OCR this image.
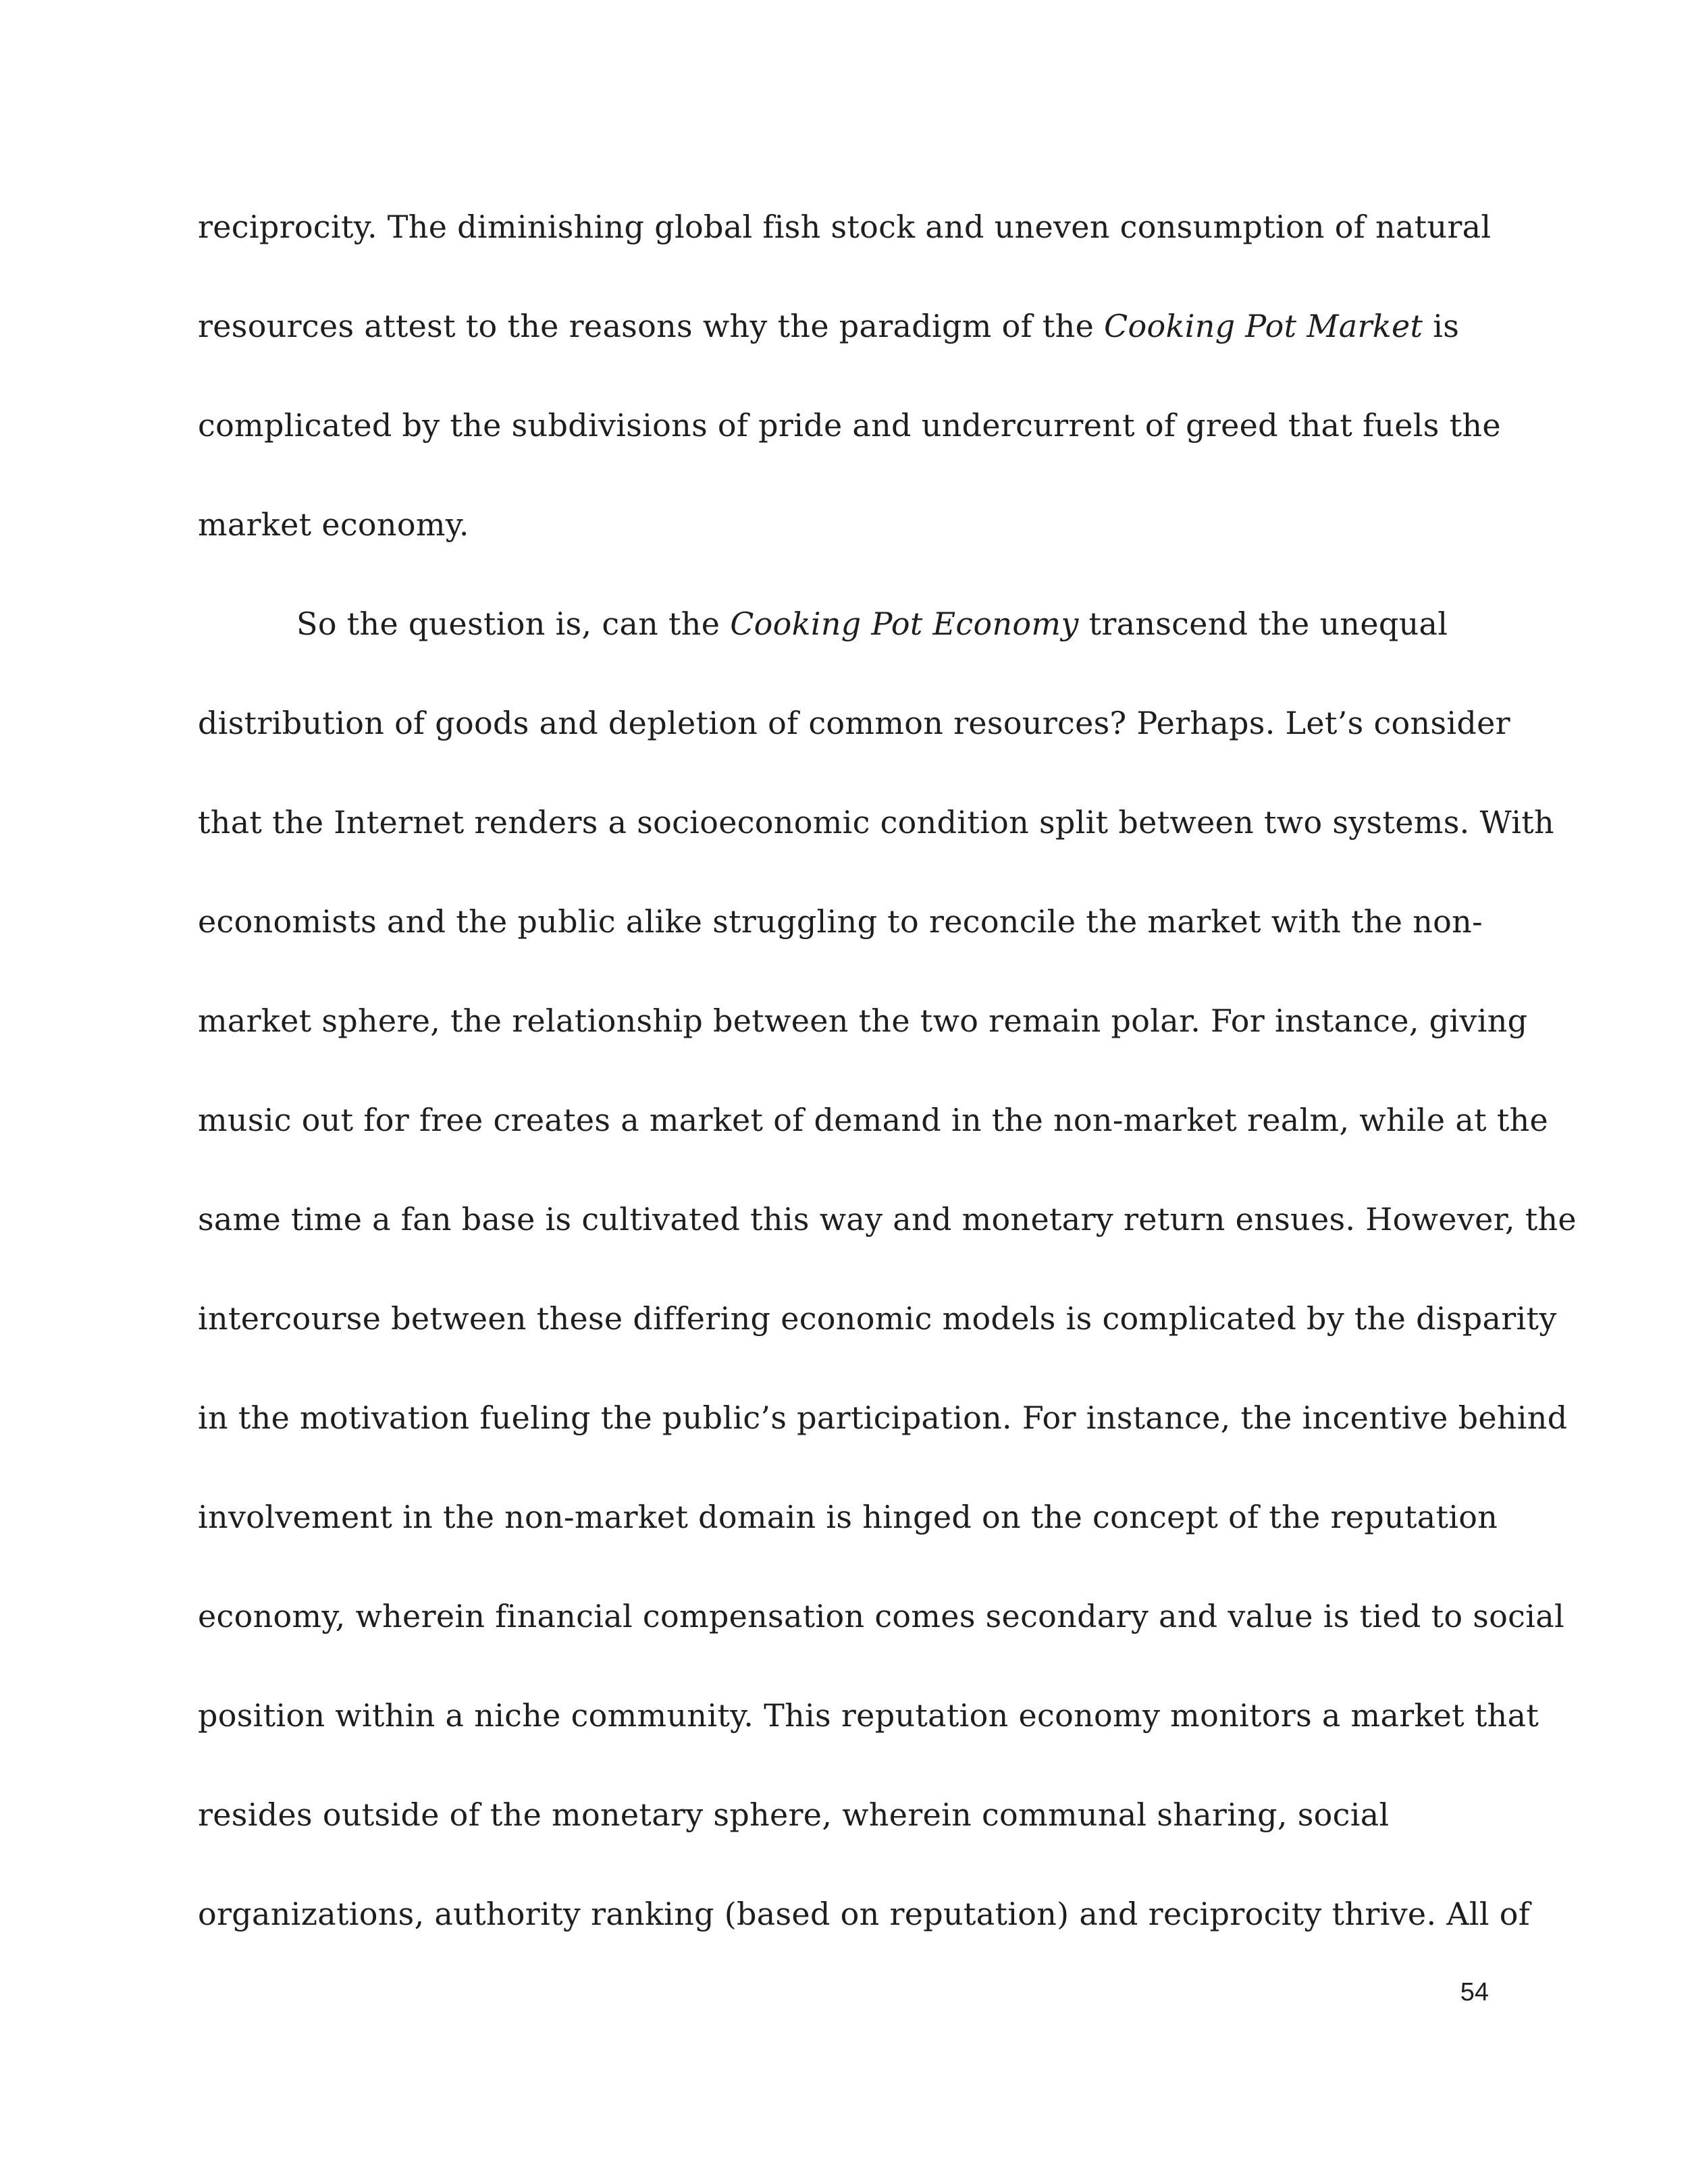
reciprocity. The diminishing global fish stock and uneven consumption of natural
resources attest to the reasons why the paradigm of the Cooking Pot Market is
complicated by the subdivisions of pride and undercurrent of greed that fuels the
market economy.
So the question is, can the Cooking Pot Economy transcend the unequal
distribution of goods and depletion of common resources? Perhaps. Let’s consider
that the Internet renders a socioeconomic condition split between two systems. With
economists and the public alike struggling to reconcile the market with the non-
market sphere, the relationship between the two remain polar. For instance, giving
music out for free creates a market of demand in the non-market realm, while at the
same time a fan base is cultivated this way and monetary return ensues. However, the
intercourse between these differing economic models is complicated by the disparity
in the motivation fueling the public’s participation. For instance, the incentive behind
involvement in the non-market domain is hinged on the concept of the reputation
economy, wherein financial compensation comes secondary and value is tied to social
position within a niche community. This reputation economy monitors a market that
resides outside of the monetary sphere, wherein communal sharing, social
organizations, authority ranking (based on reputation) and reciprocity thrive. All of
54
